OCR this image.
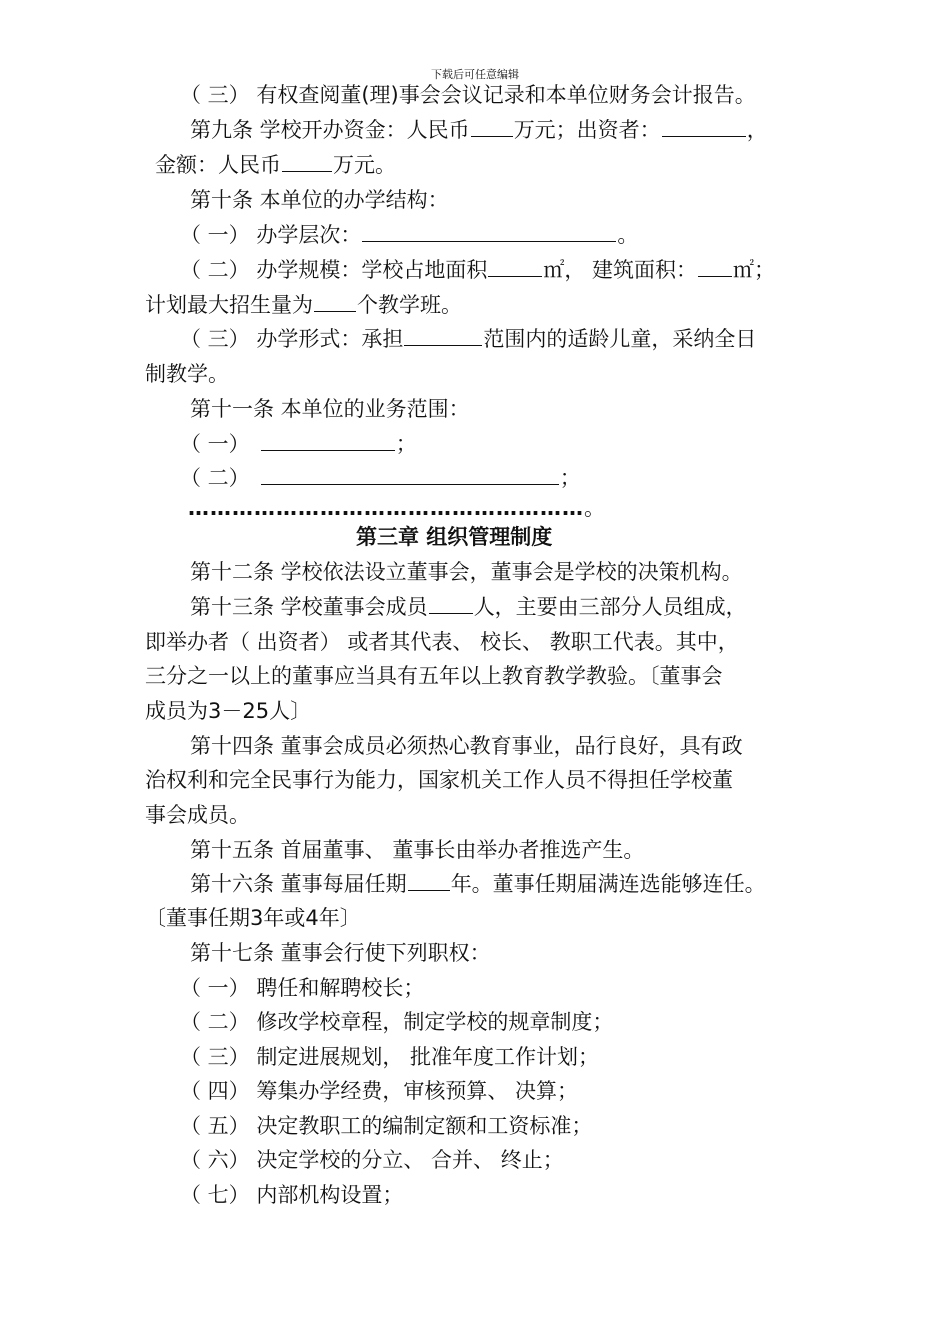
下载后可任意编辑
（ 三） 有权查阅董(理)事会会议记录和本单位财务会计报告。
第九条 学校开办资金：人民币 万元；出资者：	，
金额：人民币 万元。
第十条 本单位的办学结构：
（ 一） 办学层次：	。
（ 二） 办学规模：学校占地面积	㎡， 建筑面积： ㎡；
计划最大招生量为 个教学班。
（ 三） 办学形式：承担	范围内的适龄儿童，采纳全日
制教学。
第十一条 本单位的业务范围：
（ 一）	；
（ 二）	；
………………………………………………。
第三章 组织管理制度
第十二条 学校依法设立董事会，董事会是学校的决策机构。
第十三条 学校董事会成员 人，主要由三部分人员组成，
即举办者（ 出资者） 或者其代表、 校长、 教职工代表。其中，
三分之一以上的董事应当具有五年以上教育教学教验。〔董事会
成员为3－25人〕
第十四条 董事会成员必须热心教育事业，品行良好，具有政
治权利和完全民事行为能力，国家机关工作人员不得担任学校董
事会成员。
第十五条 首届董事、 董事长由举办者推选产生。
第十六条 董事每届任期 年。董事任期届满连选能够连任。
〔董事任期3年或4年〕
第十七条 董事会行使下列职权：
（ 一） 聘任和解聘校长；
（ 二） 修改学校章程，制定学校的规章制度；
（ 三） 制定进展规划， 批准年度工作计划；
（ 四） 筹集办学经费，审核预算、 决算；
（ 五） 决定教职工的编制定额和工资标准；
（ 六） 决定学校的分立、 合并、 终止；
（ 七） 内部机构设置；
